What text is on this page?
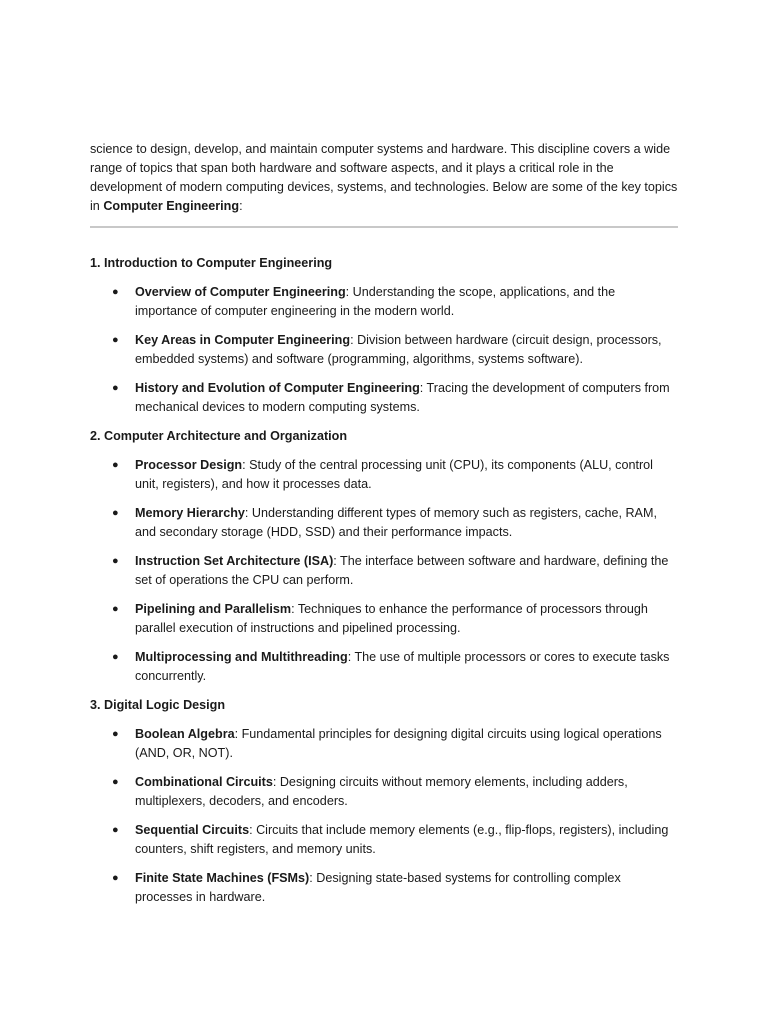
science to design, develop, and maintain computer systems and hardware. This discipline covers a wide range of topics that span both hardware and software aspects, and it plays a critical role in the development of modern computing devices, systems, and technologies. Below are some of the key topics in Computer Engineering:

1. Introduction to Computer Engineering

● Overview of Computer Engineering: Understanding the scope, applications, and the importance of computer engineering in the modern world.
● Key Areas in Computer Engineering: Division between hardware (circuit design, processors, embedded systems) and software (programming, algorithms, systems software).
● History and Evolution of Computer Engineering: Tracing the development of computers from mechanical devices to modern computing systems.

2. Computer Architecture and Organization

● Processor Design: Study of the central processing unit (CPU), its components (ALU, control unit, registers), and how it processes data.
● Memory Hierarchy: Understanding different types of memory such as registers, cache, RAM, and secondary storage (HDD, SSD) and their performance impacts.
● Instruction Set Architecture (ISA): The interface between software and hardware, defining the set of operations the CPU can perform.
● Pipelining and Parallelism: Techniques to enhance the performance of processors through parallel execution of instructions and pipelined processing.
● Multiprocessing and Multithreading: The use of multiple processors or cores to execute tasks concurrently.

3. Digital Logic Design

● Boolean Algebra: Fundamental principles for designing digital circuits using logical operations (AND, OR, NOT).
● Combinational Circuits: Designing circuits without memory elements, including adders, multiplexers, decoders, and encoders.
● Sequential Circuits: Circuits that include memory elements (e.g., flip-flops, registers), including counters, shift registers, and memory units.
● Finite State Machines (FSMs): Designing state-based systems for controlling complex processes in hardware.
